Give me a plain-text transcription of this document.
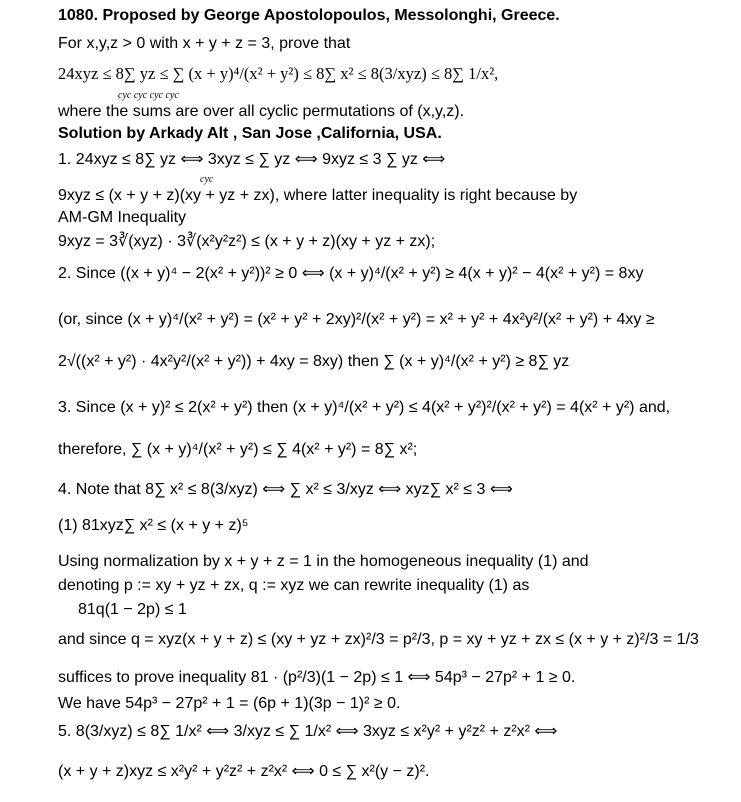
1080. Proposed by George Apostolopoulos, Messolonghi, Greece.
For x,y,z > 0 with x + y + z = 3, prove that
24xyz ≤ 8∑ yz ≤ ∑ (x + y)⁴/(x² + y²) ≤ 8∑ x² ≤ 8(3/xyz) ≤ 8∑ 1/x²,
cyc cyc cyc cyc
where the sums are over all cyclic permutations of (x,y,z).
Solution by Arkady Alt , San Jose ,California, USA.
1. 24xyz ≤ 8∑ yz ⟺ 3xyz ≤ ∑ yz ⟺ 9xyz ≤ 3 ∑ yz ⟺
cyc
9xyz ≤ (x + y + z)(xy + yz + zx), where latter inequality is right because by
AM-GM Inequality
9xyz = 3∛(xyz) · 3∛(x²y²z²) ≤ (x + y + z)(xy + yz + zx);
2. Since ((x + y)⁴ − 2(x² + y²))² ≥ 0 ⟺ (x + y)⁴/(x² + y²) ≥ 4(x + y)² − 4(x² + y²) = 8xy
(or, since (x + y)⁴/(x² + y²) = (x² + y² + 2xy)²/(x² + y²) = x² + y² + 4x²y²/(x² + y²) + 4xy ≥
2√((x² + y²) · 4x²y²/(x² + y²)) + 4xy = 8xy) then ∑ (x + y)⁴/(x² + y²) ≥ 8∑ yz
3. Since (x + y)² ≤ 2(x² + y²) then (x + y)⁴/(x² + y²) ≤ 4(x² + y²)²/(x² + y²) = 4(x² + y²) and,
therefore, ∑ (x + y)⁴/(x² + y²) ≤ ∑ 4(x² + y²) = 8∑ x²;
4. Note that 8∑ x² ≤ 8(3/xyz) ⟺ ∑ x² ≤ 3/xyz ⟺ xyz∑ x² ≤ 3 ⟺
(1) 81xyz∑ x² ≤ (x + y + z)⁵
Using normalization by x + y + z = 1 in the homogeneous inequality (1) and
denoting p := xy + yz + zx, q := xyz we can rewrite inequality (1) as
81q(1 − 2p) ≤ 1
and since q = xyz(x + y + z) ≤ (xy + yz + zx)²/3 = p²/3, p = xy + yz + zx ≤ (x + y + z)²/3 = 1/3
suffices to prove inequality 81 · (p²/3)(1 − 2p) ≤ 1 ⟺ 54p³ − 27p² + 1 ≥ 0.
We have 54p³ − 27p² + 1 = (6p + 1)(3p − 1)² ≥ 0.
5. 8(3/xyz) ≤ 8∑ 1/x² ⟺ 3/xyz ≤ ∑ 1/x² ⟺ 3xyz ≤ x²y² + y²z² + z²x² ⟺
(x + y + z)xyz ≤ x²y² + y²z² + z²x² ⟺ 0 ≤ ∑ x²(y − z)².
